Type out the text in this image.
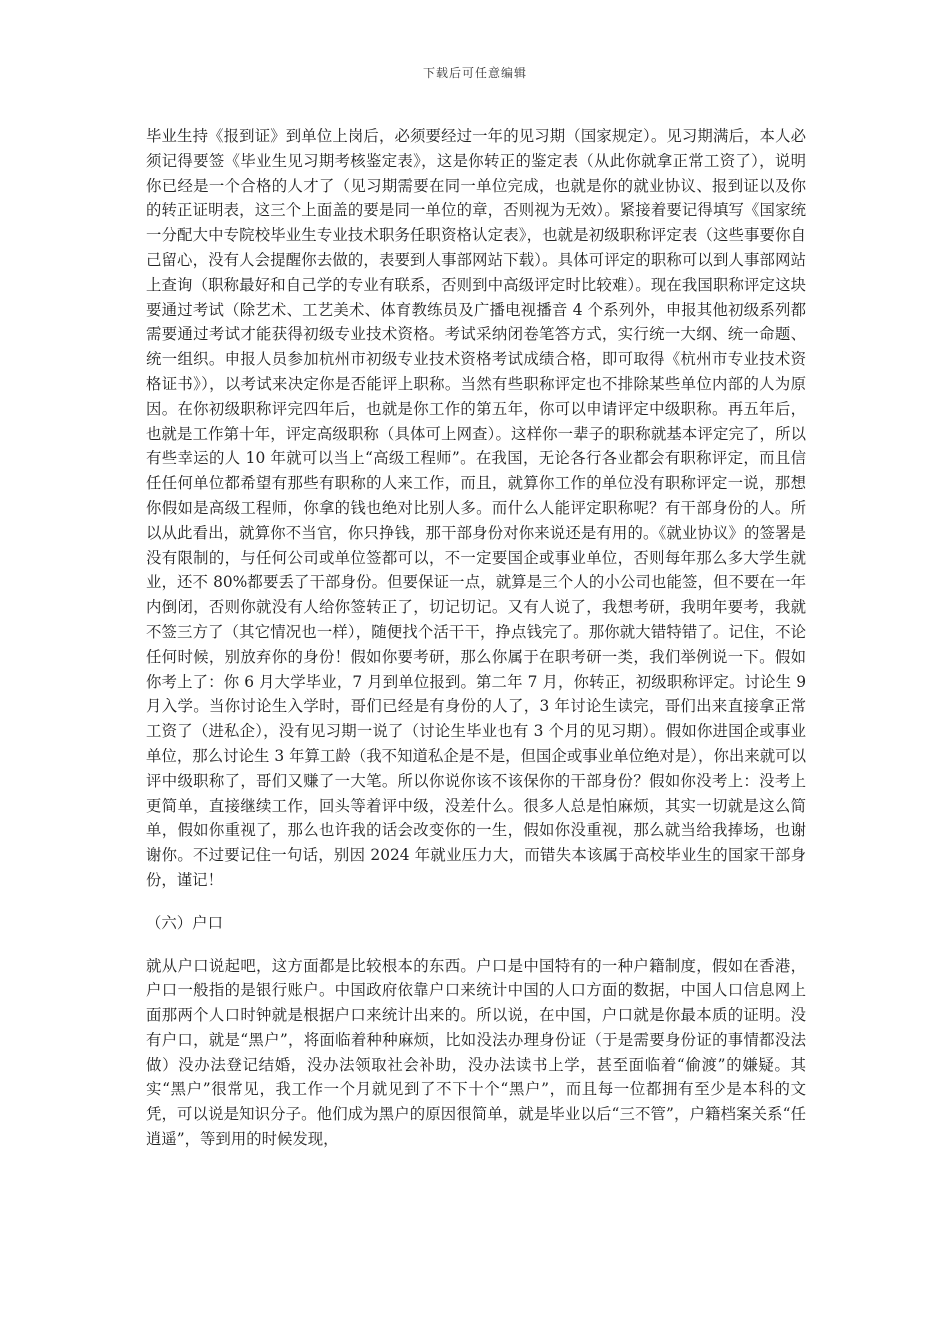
下载后可任意编辑

毕业生持《报到证》到单位上岗后，必须要经过一年的见习期（国家规定）。见习期满后，本人必须记得要签《毕业生见习期考核鉴定表》，这是你转正的鉴定表（从此你就拿正常工资了），说明你已经是一个合格的人才了（见习期需要在同一单位完成，也就是你的就业协议、报到证以及你的转正证明表，这三个上面盖的要是同一单位的章，否则视为无效）。紧接着要记得填写《国家统一分配大中专院校毕业生专业技术职务任职资格认定表》，也就是初级职称评定表（这些事要你自己留心，没有人会提醒你去做的，表要到人事部网站下载）。具体可评定的职称可以到人事部网站上查询（职称最好和自己学的专业有联系，否则到中高级评定时比较难）。现在我国职称评定这块要通过考试（除艺术、工艺美术、体育教练员及广播电视播音 4 个系列外，申报其他初级系列都需要通过考试才能获得初级专业技术资格。考试采纳闭卷笔答方式，实行统一大纲、统一命题、统一组织。申报人员参加杭州市初级专业技术资格考试成绩合格，即可取得《杭州市专业技术资格证书》），以考试来决定你是否能评上职称。当然有些职称评定也不排除某些单位内部的人为原因。在你初级职称评完四年后，也就是你工作的第五年，你可以申请评定中级职称。再五年后，也就是工作第十年，评定高级职称（具体可上网查）。这样你一辈子的职称就基本评定完了，所以有些幸运的人 10 年就可以当上“高级工程师”。在我国，无论各行各业都会有职称评定，而且信任任何单位都希望有那些有职称的人来工作，而且，就算你工作的单位没有职称评定一说，那想你假如是高级工程师，你拿的钱也绝对比别人多。而什么人能评定职称呢？有干部身份的人。所以从此看出，就算你不当官，你只挣钱，那干部身份对你来说还是有用的。《就业协议》的签署是没有限制的，与任何公司或单位签都可以，不一定要国企或事业单位，否则每年那么多大学生就业，还不 80%都要丢了干部身份。但要保证一点，就算是三个人的小公司也能签，但不要在一年内倒闭，否则你就没有人给你签转正了，切记切记。又有人说了，我想考研，我明年要考，我就不签三方了（其它情况也一样），随便找个活干干，挣点钱完了。那你就大错特错了。记住，不论任何时候，别放弃你的身份！假如你要考研，那么你属于在职考研一类，我们举例说一下。假如你考上了：你 6 月大学毕业，7 月到单位报到。第二年 7 月，你转正，初级职称评定。讨论生 9 月入学。当你讨论生入学时，哥们已经是有身份的人了，3 年讨论生读完，哥们出来直接拿正常工资了（进私企），没有见习期一说了（讨论生毕业也有 3 个月的见习期）。假如你进国企或事业单位，那么讨论生 3 年算工龄（我不知道私企是不是，但国企或事业单位绝对是），你出来就可以评中级职称了，哥们又赚了一大笔。所以你说你该不该保你的干部身份？假如你没考上：没考上更简单，直接继续工作，回头等着评中级，没差什么。很多人总是怕麻烦，其实一切就是这么简单，假如你重视了，那么也许我的话会改变你的一生，假如你没重视，那么就当给我捧场，也谢谢你。不过要记住一句话，别因 2024 年就业压力大，而错失本该属于高校毕业生的国家干部身份，谨记！

（六）户口

就从户口说起吧，这方面都是比较根本的东西。户口是中国特有的一种户籍制度，假如在香港，户口一般指的是银行账户。中国政府依靠户口来统计中国的人口方面的数据，中国人口信息网上面那两个人口时钟就是根据户口来统计出来的。所以说，在中国，户口就是你最本质的证明。没有户口，就是“黑户”，将面临着种种麻烦，比如没法办理身份证（于是需要身份证的事情都没法做）没办法登记结婚，没办法领取社会补助，没办法读书上学，甚至面临着“偷渡”的嫌疑。其实“黑户”很常见，我工作一个月就见到了不下十个“黑户”，而且每一位都拥有至少是本科的文凭，可以说是知识分子。他们成为黑户的原因很简单，就是毕业以后“三不管”，户籍档案关系“任逍遥”，等到用的时候发现，
